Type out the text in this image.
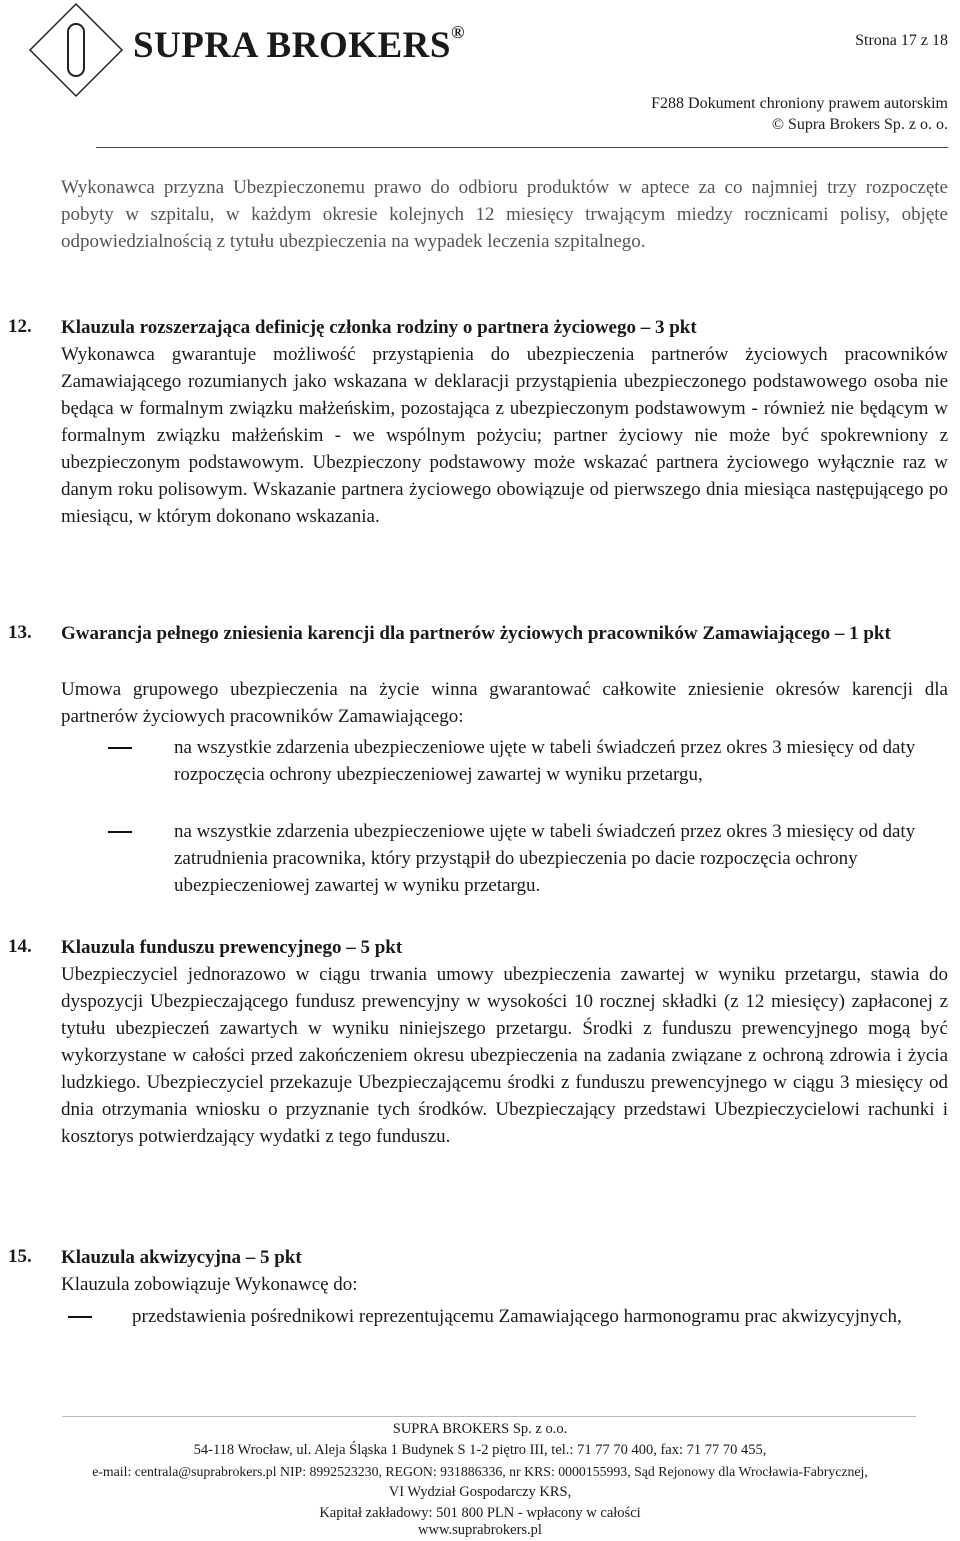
SUPRA BROKERS®	Strona 17 z 18
F288 Dokument chroniony prawem autorskim
© Supra Brokers Sp. z o. o.
Wykonawca przyzna Ubezpieczonemu prawo do odbioru produktów w aptece za co najmniej trzy rozpoczęte pobyty w szpitalu, w każdym okresie kolejnych 12 miesięcy trwającym miedzy rocznicami polisy, objęte odpowiedzialnością z tytułu ubezpieczenia na wypadek leczenia szpitalnego.
12. Klauzula rozszerzająca definicję członka rodziny o partnera życiowego – 3 pkt
Wykonawca gwarantuje możliwość przystąpienia do ubezpieczenia partnerów życiowych pracowników Zamawiającego rozumianych jako wskazana w deklaracji przystąpienia ubezpieczonego podstawowego osoba nie będąca w formalnym związku małżeńskim, pozostająca z ubezpieczonym podstawowym - również nie będącym w formalnym związku małżeńskim - we wspólnym pożyciu; partner życiowy nie może być spokrewniony z ubezpieczonym podstawowym. Ubezpieczony podstawowy może wskazać partnera życiowego wyłącznie raz w danym roku polisowym. Wskazanie partnera życiowego obowiązuje od pierwszego dnia miesiąca następującego po miesiącu, w którym dokonano wskazania.
13. Gwarancja pełnego zniesienia karencji dla partnerów życiowych pracowników Zamawiającego – 1 pkt
Umowa grupowego ubezpieczenia na życie winna gwarantować całkowite zniesienie okresów karencji dla partnerów życiowych pracowników Zamawiającego:
na wszystkie zdarzenia ubezpieczeniowe ujęte w tabeli świadczeń przez okres 3 miesięcy od daty rozpoczęcia ochrony ubezpieczeniowej zawartej w wyniku przetargu,
na wszystkie zdarzenia ubezpieczeniowe ujęte w tabeli świadczeń przez okres 3 miesięcy od daty zatrudnienia pracownika, który przystąpił do ubezpieczenia po dacie rozpoczęcia ochrony ubezpieczeniowej zawartej w wyniku przetargu.
14. Klauzula funduszu prewencyjnego – 5 pkt
Ubezpieczyciel jednorazowo w ciągu trwania umowy ubezpieczenia zawartej w wyniku przetargu, stawia do dyspozycji Ubezpieczającego fundusz prewencyjny w wysokości 10 rocznej składki (z 12 miesięcy) zapłaconej z tytułu ubezpieczeń zawartych w wyniku niniejszego przetargu. Środki z funduszu prewencyjnego mogą być wykorzystane w całości przed zakończeniem okresu ubezpieczenia na zadania związane z ochroną zdrowia i życia ludzkiego. Ubezpieczyciel przekazuje Ubezpieczającemu środki z funduszu prewencyjnego w ciągu 3 miesięcy od dnia otrzymania wniosku o przyznanie tych środków. Ubezpieczający przedstawi Ubezpieczycielowi rachunki i kosztorys potwierdzający wydatki z tego funduszu.
15. Klauzula akwizycyjna – 5 pkt
Klauzula zobowiązuje Wykonawcę do:
przedstawienia pośrednikowi reprezentującemu Zamawiającego harmonogramu prac akwizycyjnych,
SUPRA BROKERS Sp. z o.o.
54-118 Wrocław, ul. Aleja Śląska 1 Budynek S 1-2 piętro III, tel.: 71 77 70 400, fax: 71 77 70 455,
e-mail: centrala@suprabrokers.pl NIP: 8992523230, REGON: 931886336, nr KRS: 0000155993, Sąd Rejonowy dla Wrocławia-Fabrycznej,
VI Wydział Gospodarczy KRS,
Kapitał zakładowy: 501 800 PLN - wpłacony w całości
www.suprabrokers.pl
